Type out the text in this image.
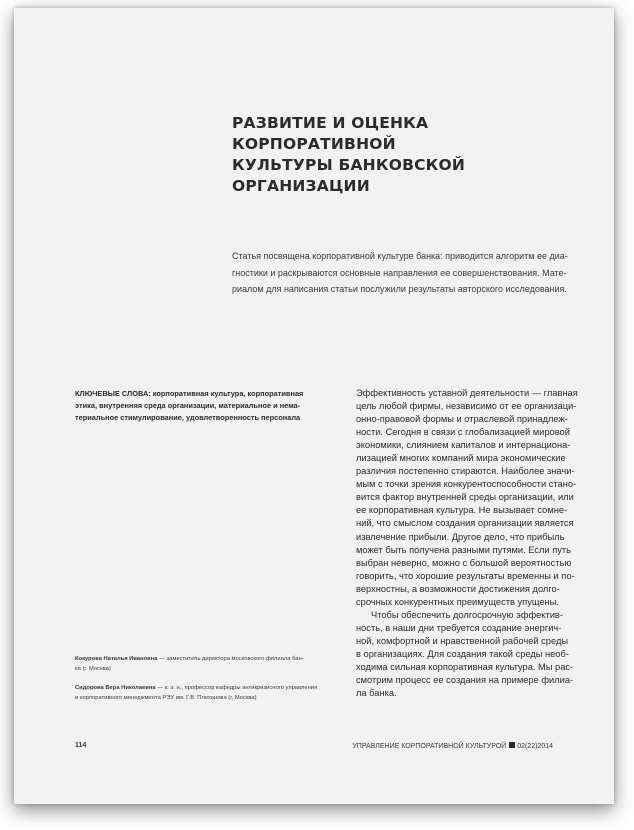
РАЗВИТИЕ И ОЦЕНКА КОРПОРАТИВНОЙ
КУЛЬТУРЫ БАНКОВСКОЙ ОРГАНИЗАЦИИ
Статья посвящена корпоративной культуре банка: приводится алгоритм ее диа-
гностики и раскрываются основные направления ее совершенствования. Мате-
риалом для написания статьи послужили результаты авторского исследования.
КЛЮЧЕВЫЕ СЛОВА: корпоративная культура, корпоративная
этика, внутренняя среда организации, материальное и нема-
териальное стимулирование, удовлетворенность персонала
Эффективность уставной деятельности — главная
цель любой фирмы, независимо от ее организаци-
онно-правовой формы и отраслевой принадлеж-
ности. Сегодня в связи с глобализацией мировой
экономики, слиянием капиталов и интернациона-
лизацией многих компаний мира экономические
различия постепенно стираются. Наиболее значи-
мым с точки зрения конкурентоспособности стано-
вится фактор внутренней среды организации, или
ее корпоративная культура. Не вызывает сомне-
ний, что смыслом создания организации является
извлечение прибыли. Другое дело, что прибыль
может быть получена разными путями. Если путь
выбран неверно, можно с большой вероятностью
говорить, что хорошие результаты временны и по-
верхностны, а возможности достижения долго-
срочных конкурентных преимуществ упущены.
Чтобы обеспечить долгосрочную эффектив-
ность, в наши дни требуется создание энергич-
ной, комфортной и нравственной рабочей среды
в организациях. Для создания такой среды необ-
ходима сильная корпоративная культура. Мы рас-
смотрим процесс ее создания на примере филиа-
ла банка.
Кокурова Наталья Ивановна — заместитель директора московского филиала бан-
ка (г. Москва)
Сидорова Вера Николаевна — к. э. н., профессор кафедры антикризисного управления
и корпоративного менеджмента РЭУ им. Г.В. Плеханова (г. Москва)
114	УПРАВЛЕНИЕ КОРПОРАТИВНОЙ КУЛЬТУРОЙ 02(22)2014
